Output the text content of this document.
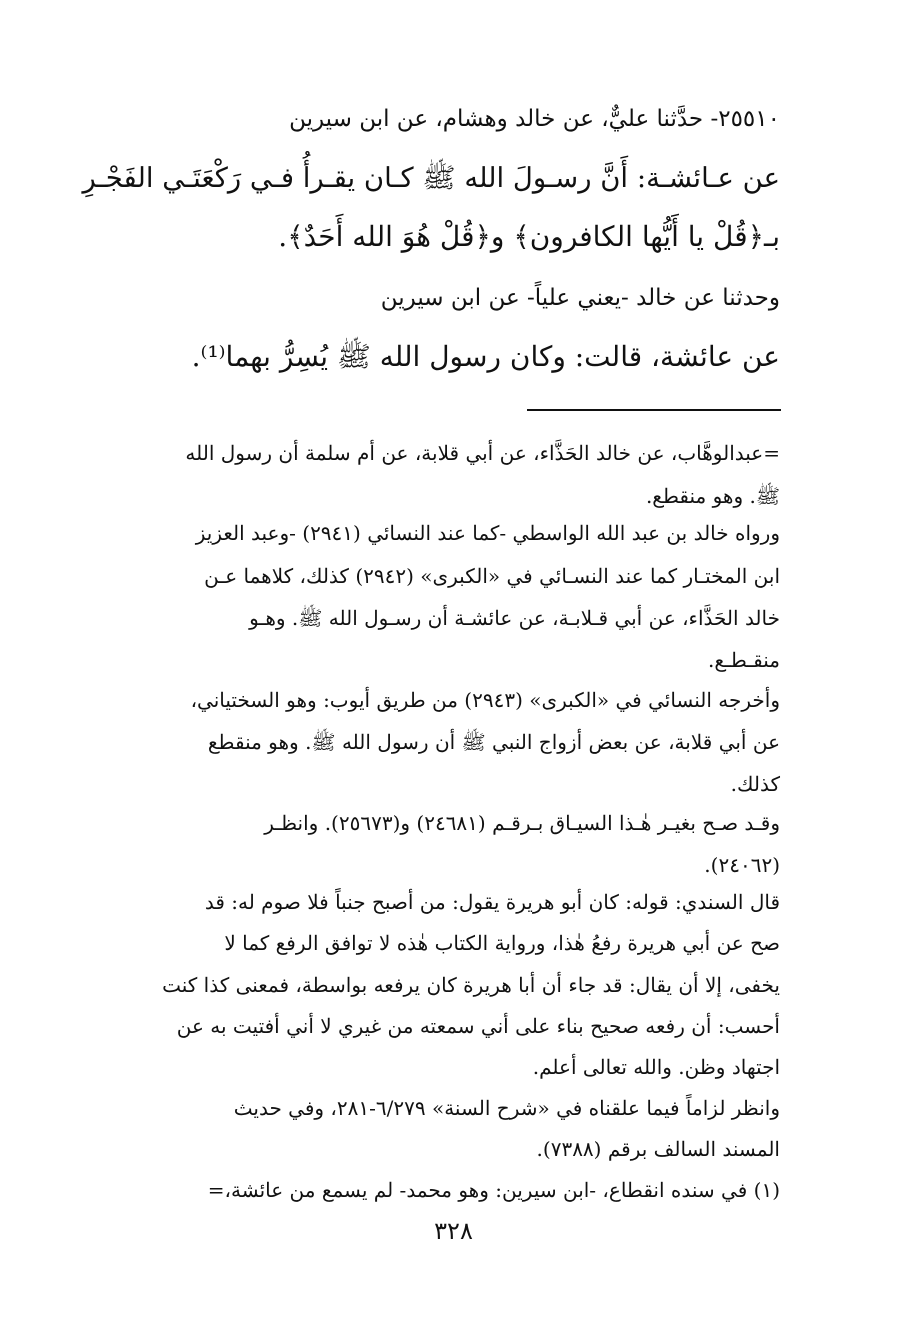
٢٥٥١٠- حدَّثنا عليٌّ، عن خالد وهشام، عن ابن سيرين
عن عـائشـة: أَنَّ رسـولَ الله ﷺ كـان يقـرأُ فـي رَكْعَتَـي الفَجْـرِ
بـ﴿قُلْ يا أَيُّها الكافرون﴾ و﴿قُلْ هُوَ الله أَحَدٌ﴾.
وحدثنا عن خالد -يعني علياً- عن ابن سيرين
عن عائشة، قالت: وكان رسول الله ﷺ يُسِرُّ بهما⁽¹⁾.
=عبدالوهَّاب، عن خالد الحَذَّاء، عن أبي قلابة، عن أم سلمة أن رسول الله
ﷺ. وهو منقطع.
ورواه خالد بن عبد الله الواسطي -كما عند النسائي (٢٩٤١) -وعبد العزيز
ابن المختـار كما عند النسـائي في «الكبرى» (٢٩٤٢) كذلك، كلاهما عـن
خالد الحَذَّاء، عن أبي قـلابـة، عن عائشـة أن رسـول الله ﷺ. وهـو
منقـطـع.
وأخرجه النسائي في «الكبرى» (٢٩٤٣) من طريق أيوب: وهو السختياني،
عن أبي قلابة، عن بعض أزواج النبي ﷺ أن رسول الله ﷺ. وهو منقطع
كذلك.
وقـد صـح بغيـر هٰـذا السيـاق بـرقـم (٢٤٦٨١) و(٢٥٦٧٣). وانظـر
(٢٤٠٦٢).
قال السندي: قوله: كان أبو هريرة يقول: من أصبح جنباً فلا صوم له: قد
صح عن أبي هريرة رفعُ هٰذا، ورواية الكتاب هٰذه لا توافق الرفع كما لا
يخفى، إلا أن يقال: قد جاء أن أبا هريرة كان يرفعه بواسطة، فمعنى كذا كنت
أحسب: أن رفعه صحيح بناء على أني سمعته من غيري لا أني أفتيت به عن
اجتهاد وظن. والله تعالى أعلم.
وانظر لزاماً فيما علقناه في «شرح السنة» ٦/٢٧٩-٢٨١، وفي حديث
المسند السالف برقم (٧٣٨٨).
(١) في سنده انقطاع، -ابن سيرين: وهو محمد- لم يسمع من عائشة،=
٣٢٨
